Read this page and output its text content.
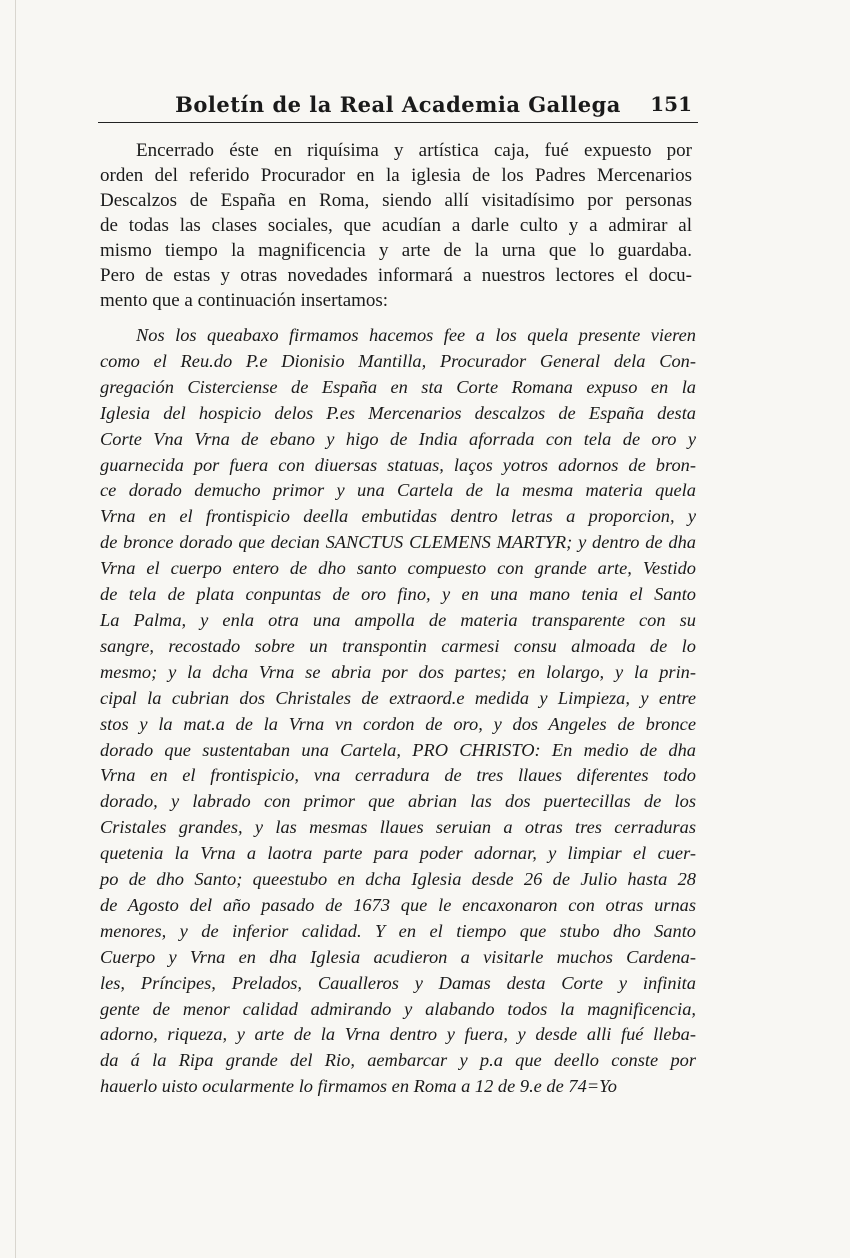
Boletín de la Real Academia Gallega	151
Encerrado éste en riquísima y artística caja, fué expuesto por
orden del referido Procurador en la iglesia de los Padres Mercenarios
Descalzos de España en Roma, siendo allí visitadísimo por personas
de todas las clases sociales, que acudían a darle culto y a admirar al
mismo tiempo la magnificencia y arte de la urna que lo guardaba.
Pero de estas y otras novedades informará a nuestros lectores el docu-
mento que a continuación insertamos:
Nos los queabaxo firmamos hacemos fee a los quela presente vieren
como el Reu.do P.e Dionisio Mantilla, Procurador General dela Con-
gregación Cisterciense de España en sta Corte Romana expuso en la
Iglesia del hospicio delos P.es Mercenarios descalzos de España desta
Corte Vna Vrna de ebano y higo de India aforrada con tela de oro y
guarnecida por fuera con diuersas statuas, laços yotros adornos de bron-
ce dorado demucho primor y una Cartela de la mesma materia quela
Vrna en el frontispicio deella embutidas dentro letras a proporcion, y
de bronce dorado que decian SANCTUS CLEMENS MARTYR; y dentro de dha
Vrna el cuerpo entero de dho santo compuesto con grande arte, Vestido
de tela de plata conpuntas de oro fino, y en una mano tenia el Santo
La Palma, y enla otra una ampolla de materia transparente con su
sangre, recostado sobre un transpontin carmesi consu almoada de lo
mesmo; y la dcha Vrna se abria por dos partes; en lolargo, y la prin-
cipal la cubrian dos Christales de extraord.e medida y Limpieza, y entre
stos y la mat.a de la Vrna vn cordon de oro, y dos Angeles de bronce
dorado que sustentaban una Cartela, PRO CHRISTO: En medio de dha
Vrna en el frontispicio, vna cerradura de tres llaues diferentes todo
dorado, y labrado con primor que abrian las dos puertecillas de los
Cristales grandes, y las mesmas llaues seruian a otras tres cerraduras
quetenia la Vrna a laotra parte para poder adornar, y limpiar el cuer-
po de dho Santo; queestubo en dcha Iglesia desde 26 de Julio hasta 28
de Agosto del año pasado de 1673 que le encaxonaron con otras urnas
menores, y de inferior calidad. Y en el tiempo que stubo dho Santo
Cuerpo y Vrna en dha Iglesia acudieron a visitarle muchos Cardena-
les, Príncipes, Prelados, Caualleros y Damas desta Corte y infinita
gente de menor calidad admirando y alabando todos la magnificencia,
adorno, riqueza, y arte de la Vrna dentro y fuera, y desde alli fué lleba-
da á la Ripa grande del Rio, aembarcar y p.a que deello conste por
hauerlo uisto ocularmente lo firmamos en Roma a 12 de 9.e de 74=Yo
